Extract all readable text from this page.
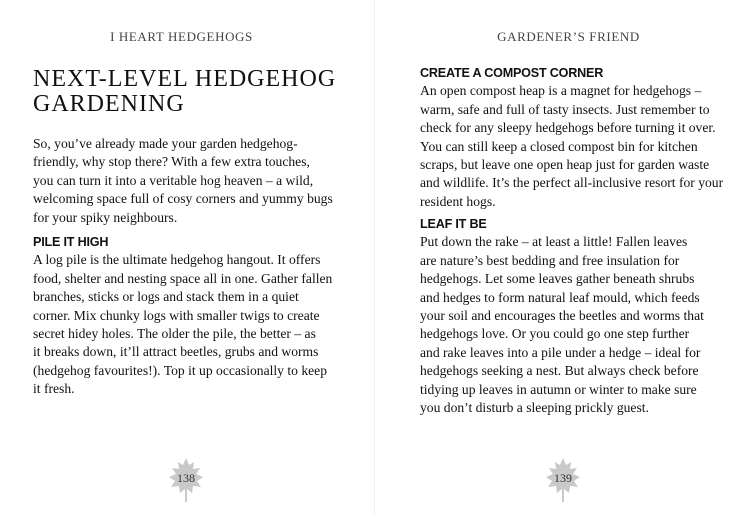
I HEART HEDGEHOGS
NEXT-LEVEL HEDGEHOG
GARDENING
So, you’ve already made your garden hedgehog-
friendly, why stop there? With a few extra touches,
you can turn it into a veritable hog heaven – a wild,
welcoming space full of cosy corners and yummy bugs
for your spiky neighbours.
PILE IT HIGH
A log pile is the ultimate hedgehog hangout. It offers
food, shelter and nesting space all in one. Gather fallen
branches, sticks or logs and stack them in a quiet
corner. Mix chunky logs with smaller twigs to create
secret hidey holes. The older the pile, the better – as
it breaks down, it’ll attract beetles, grubs and worms
(hedgehog favourites!). Top it up occasionally to keep
it fresh.
138
GARDENER’S FRIEND
CREATE A COMPOST CORNER
An open compost heap is a magnet for hedgehogs –
warm, safe and full of tasty insects. Just remember to
check for any sleepy hedgehogs before turning it over.
You can still keep a closed compost bin for kitchen
scraps, but leave one open heap just for garden waste
and wildlife. It’s the perfect all-inclusive resort for your
resident hogs.
LEAF IT BE
Put down the rake – at least a little! Fallen leaves
are nature’s best bedding and free insulation for
hedgehogs. Let some leaves gather beneath shrubs
and hedges to form natural leaf mould, which feeds
your soil and encourages the beetles and worms that
hedgehogs love. Or you could go one step further
and rake leaves into a pile under a hedge – ideal for
hedgehogs seeking a nest. But always check before
tidying up leaves in autumn or winter to make sure
you don’t disturb a sleeping prickly guest.
139
